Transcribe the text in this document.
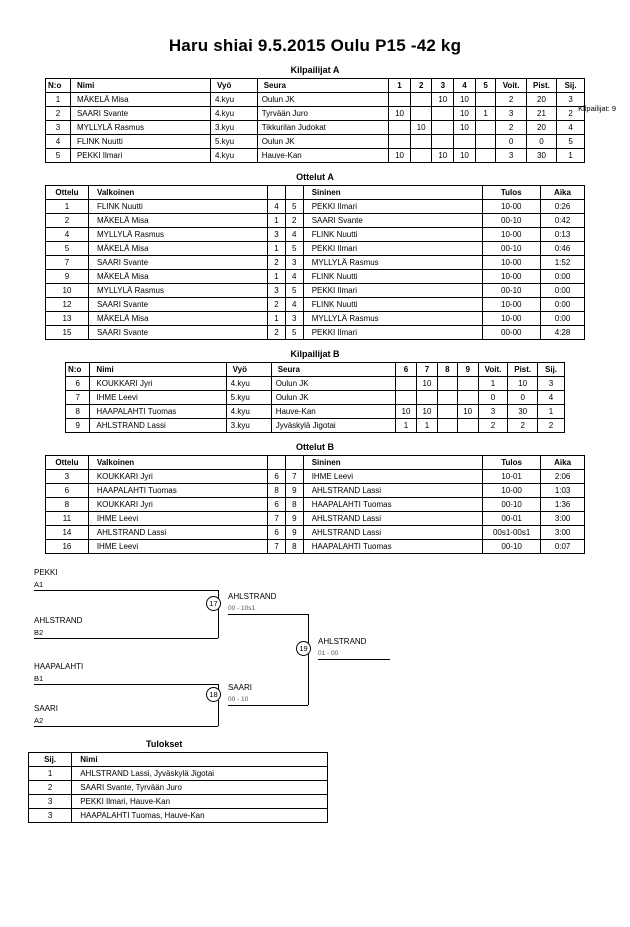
Haru shiai 9.5.2015 Oulu P15 -42 kg
Kilpailijat A
Kilpailijat: 9
N:o	Nimi	Vyö	Seura	1	2	3	4	5	Voit.	Pist.	Sij.
1	MÄKELÄ Misa	4.kyu	Oulun JK			10	10		2	20	3
2	SAARI Svante	4.kyu	Tyrvään Juro	10			10	1	3	21	2
3	MYLLYLÄ Rasmus	3.kyu	Tikkurilan Judokat		10		10		2	20	4
4	FLINK Nuutti	5.kyu	Oulun JK						0	0	5
5	PEKKI Ilmari	4.kyu	Hauve-Kan	10		10	10		3	30	1
Ottelut A
Ottelu	Valkoinen			Sininen	Tulos	Aika
1	FLINK Nuutti	4	5	PEKKI Ilmari	10-00	0:26
2	MÄKELÄ Misa	1	2	SAARI Svante	00-10	0:42
4	MYLLYLÄ Rasmus	3	4	FLINK Nuutti	10-00	0:13
5	MÄKELÄ Misa	1	5	PEKKI Ilmari	00-10	0:46
7	SAARI Svante	2	3	MYLLYLÄ Rasmus	10-00	1:52
9	MÄKELÄ Misa	1	4	FLINK Nuutti	10-00	0:00
10	MYLLYLÄ Rasmus	3	5	PEKKI Ilmari	00-10	0:00
12	SAARI Svante	2	4	FLINK Nuutti	10-00	0:00
13	MÄKELÄ Misa	1	3	MYLLYLÄ Rasmus	10-00	0:00
15	SAARI Svante	2	5	PEKKI Ilmari	00-00	4:28
Kilpailijat B
N:o	Nimi	Vyö	Seura	6	7	8	9	Voit.	Pist.	Sij.
6	KOUKKARI Jyri	4.kyu	Oulun JK		10			1	10	3
7	IHME Leevi	5.kyu	Oulun JK					0	0	4
8	HAAPALAHTI Tuomas	4.kyu	Hauve-Kan	10	10		10	3	30	1
9	AHLSTRAND Lassi	3.kyu	Jyväskylä Jigotai	1	1			2	2	2
Ottelut B
Ottelu	Valkoinen			Sininen	Tulos	Aika
3	KOUKKARI Jyri	6	7	IHME Leevi	10-01	2:06
6	HAAPALAHTI Tuomas	8	9	AHLSTRAND Lassi	10-00	1:03
8	KOUKKARI Jyri	6	8	HAAPALAHTI Tuomas	00-10	1:36
11	IHME Leevi	7	9	AHLSTRAND Lassi	00-01	3:00
14	AHLSTRAND Lassi	6	9	AHLSTRAND Lassi	00s1-00s1	3:00
16	IHME Leevi	7	8	HAAPALAHTI Tuomas	00-10	0:07
PEKKI
A1
AHLSTRAND
B2
17
AHLSTRAND
00 - 10s1
HAAPALAHTI
B1
SAARI
A2
18
SAARI
00 - 10
19
AHLSTRAND
01 - 00
Tulokset
Sij.	Nimi
1	AHLSTRAND Lassi, Jyväskylä Jigotai
2	SAARI Svante, Tyrvään Juro
3	PEKKI Ilmari, Hauve-Kan
3	HAAPALAHTI Tuomas, Hauve-Kan
